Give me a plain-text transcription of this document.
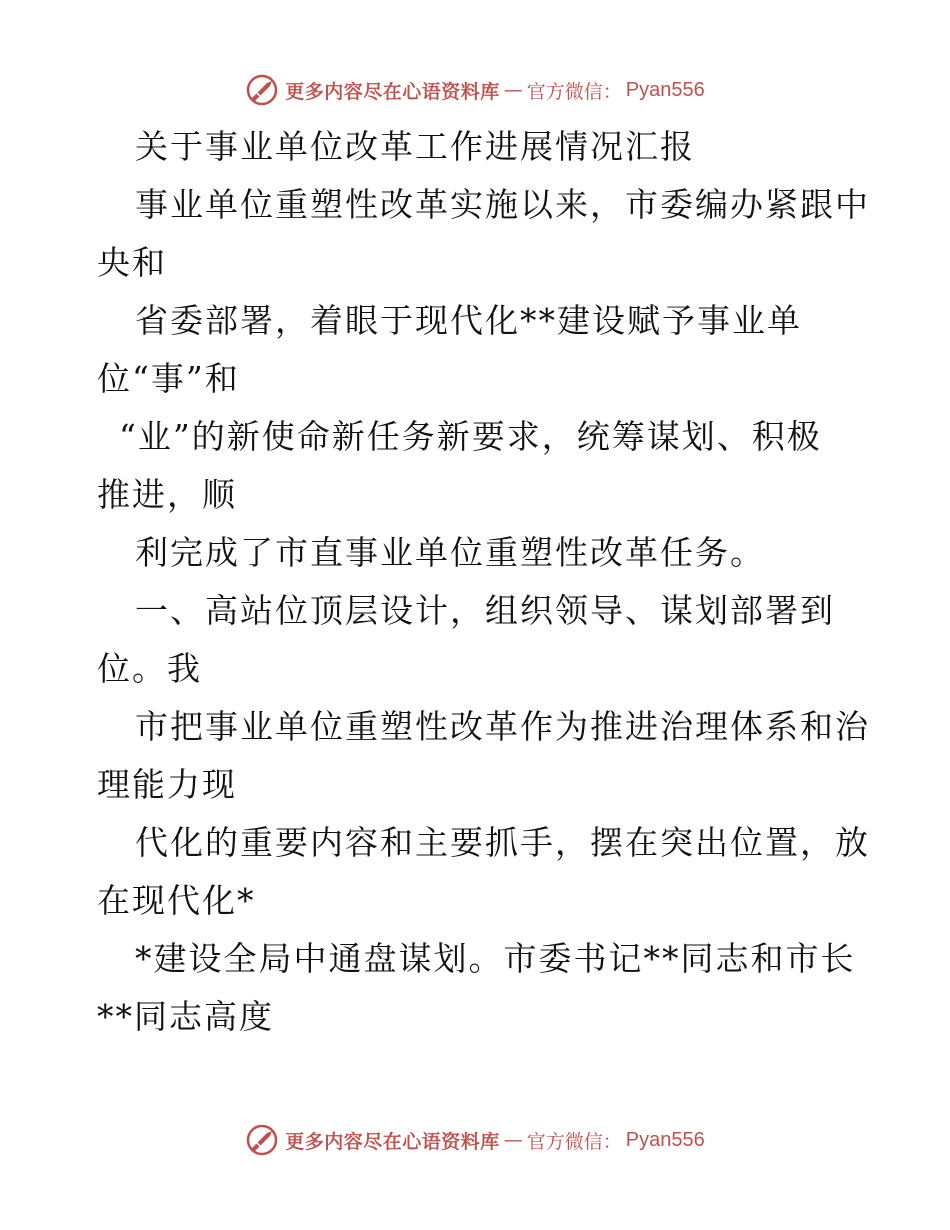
更多内容尽在心语资料库 — 官方微信： Pyan556
关于事业单位改革工作进展情况汇报
事业单位重塑性改革实施以来，市委编办紧跟中
央和
省委部署，着眼于现代化**建设赋予事业单
位“事”和
“业”的新使命新任务新要求，统筹谋划、积极
推进，顺
利完成了市直事业单位重塑性改革任务。
一、高站位顶层设计，组织领导、谋划部署到
位。我
市把事业单位重塑性改革作为推进治理体系和治
理能力现
代化的重要内容和主要抓手，摆在突出位置，放
在现代化*
*建设全局中通盘谋划。市委书记**同志和市长
**同志高度
更多内容尽在心语资料库 — 官方微信： Pyan556
